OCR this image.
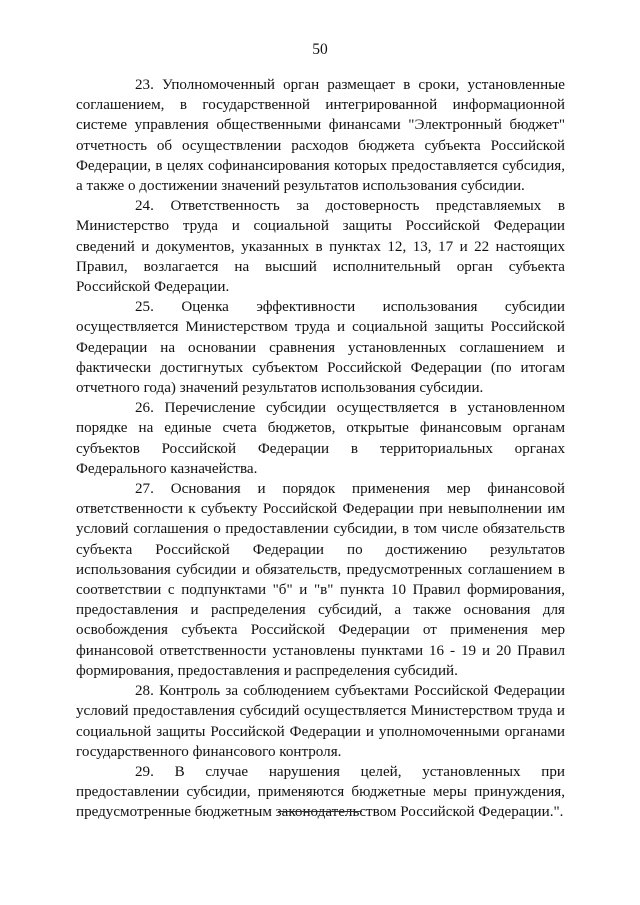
50

23. Уполномоченный орган размещает в сроки, установленные соглашением, в государственной интегрированной информационной системе управления общественными финансами "Электронный бюджет" отчетность об осуществлении расходов бюджета субъекта Российской Федерации, в целях софинансирования которых предоставляется субсидия, а также о достижении значений результатов использования субсидии.

24. Ответственность за достоверность представляемых в Министерство труда и социальной защиты Российской Федерации сведений и документов, указанных в пунктах 12, 13, 17 и 22 настоящих Правил, возлагается на высший исполнительный орган субъекта Российской Федерации.

25. Оценка эффективности использования субсидии осуществляется Министерством труда и социальной защиты Российской Федерации на основании сравнения установленных соглашением и фактически достигнутых субъектом Российской Федерации (по итогам отчетного года) значений результатов использования субсидии.

26. Перечисление субсидии осуществляется в установленном порядке на единые счета бюджетов, открытые финансовым органам субъектов Российской Федерации в территориальных органах Федерального казначейства.

27. Основания и порядок применения мер финансовой ответственности к субъекту Российской Федерации при невыполнении им условий соглашения о предоставлении субсидии, в том числе обязательств субъекта Российской Федерации по достижению результатов использования субсидии и обязательств, предусмотренных соглашением в соответствии с подпунктами "б" и "в" пункта 10 Правил формирования, предоставления и распределения субсидий, а также основания для освобождения субъекта Российской Федерации от применения мер финансовой ответственности установлены пунктами 16 - 19 и 20 Правил формирования, предоставления и распределения субсидий.

28. Контроль за соблюдением субъектами Российской Федерации условий предоставления субсидий осуществляется Министерством труда и социальной защиты Российской Федерации и уполномоченными органами государственного финансового контроля.

29. В случае нарушения целей, установленных при предоставлении субсидии, применяются бюджетные меры принуждения, предусмотренные бюджетным законодательством Российской Федерации.".
